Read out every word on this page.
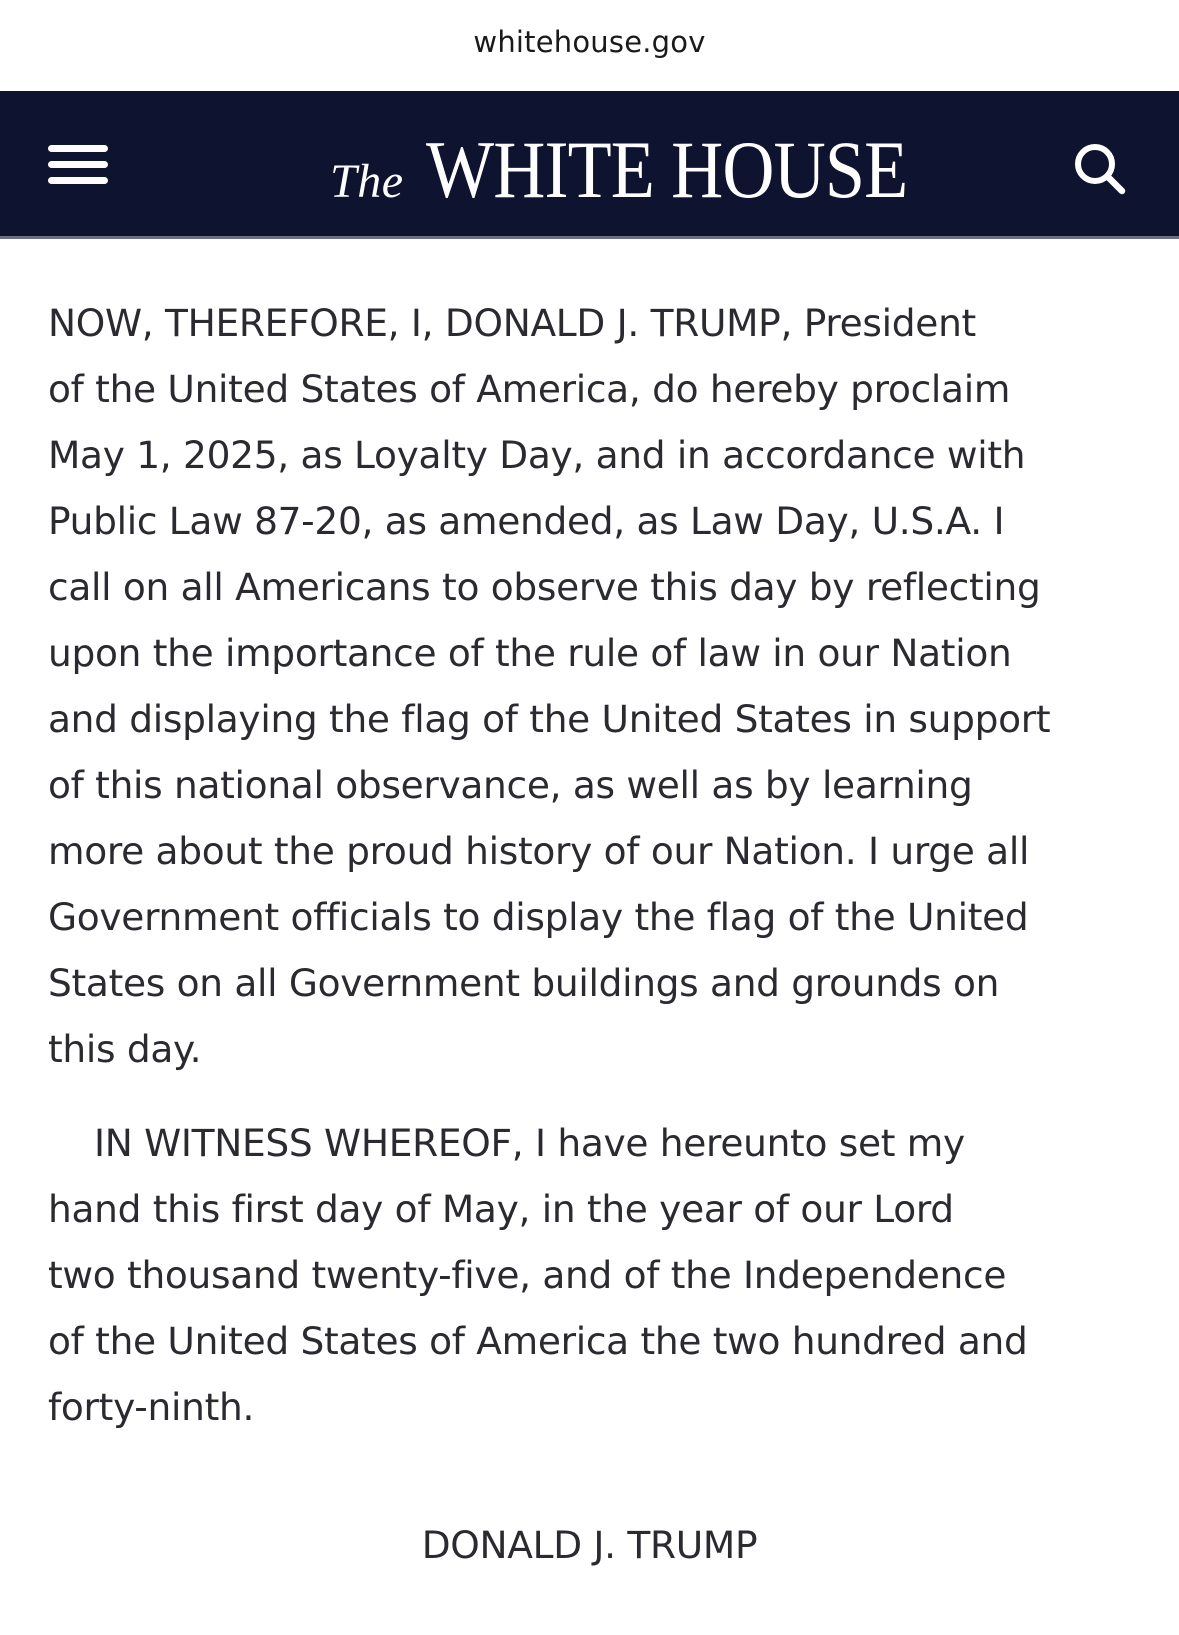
whitehouse.gov
The WHITE HOUSE
NOW, THEREFORE, I, DONALD J. TRUMP, President
of the United States of America, do hereby proclaim
May 1, 2025, as Loyalty Day, and in accordance with
Public Law 87-20, as amended, as Law Day, U.S.A. I
call on all Americans to observe this day by reflecting
upon the importance of the rule of law in our Nation
and displaying the flag of the United States in support
of this national observance, as well as by learning
more about the proud history of our Nation. I urge all
Government officials to display the flag of the United
States on all Government buildings and grounds on
this day.
IN WITNESS WHEREOF, I have hereunto set my
hand this first day of May, in the year of our Lord
two thousand twenty-five, and of the Independence
of the United States of America the two hundred and
forty-ninth.
DONALD J. TRUMP
